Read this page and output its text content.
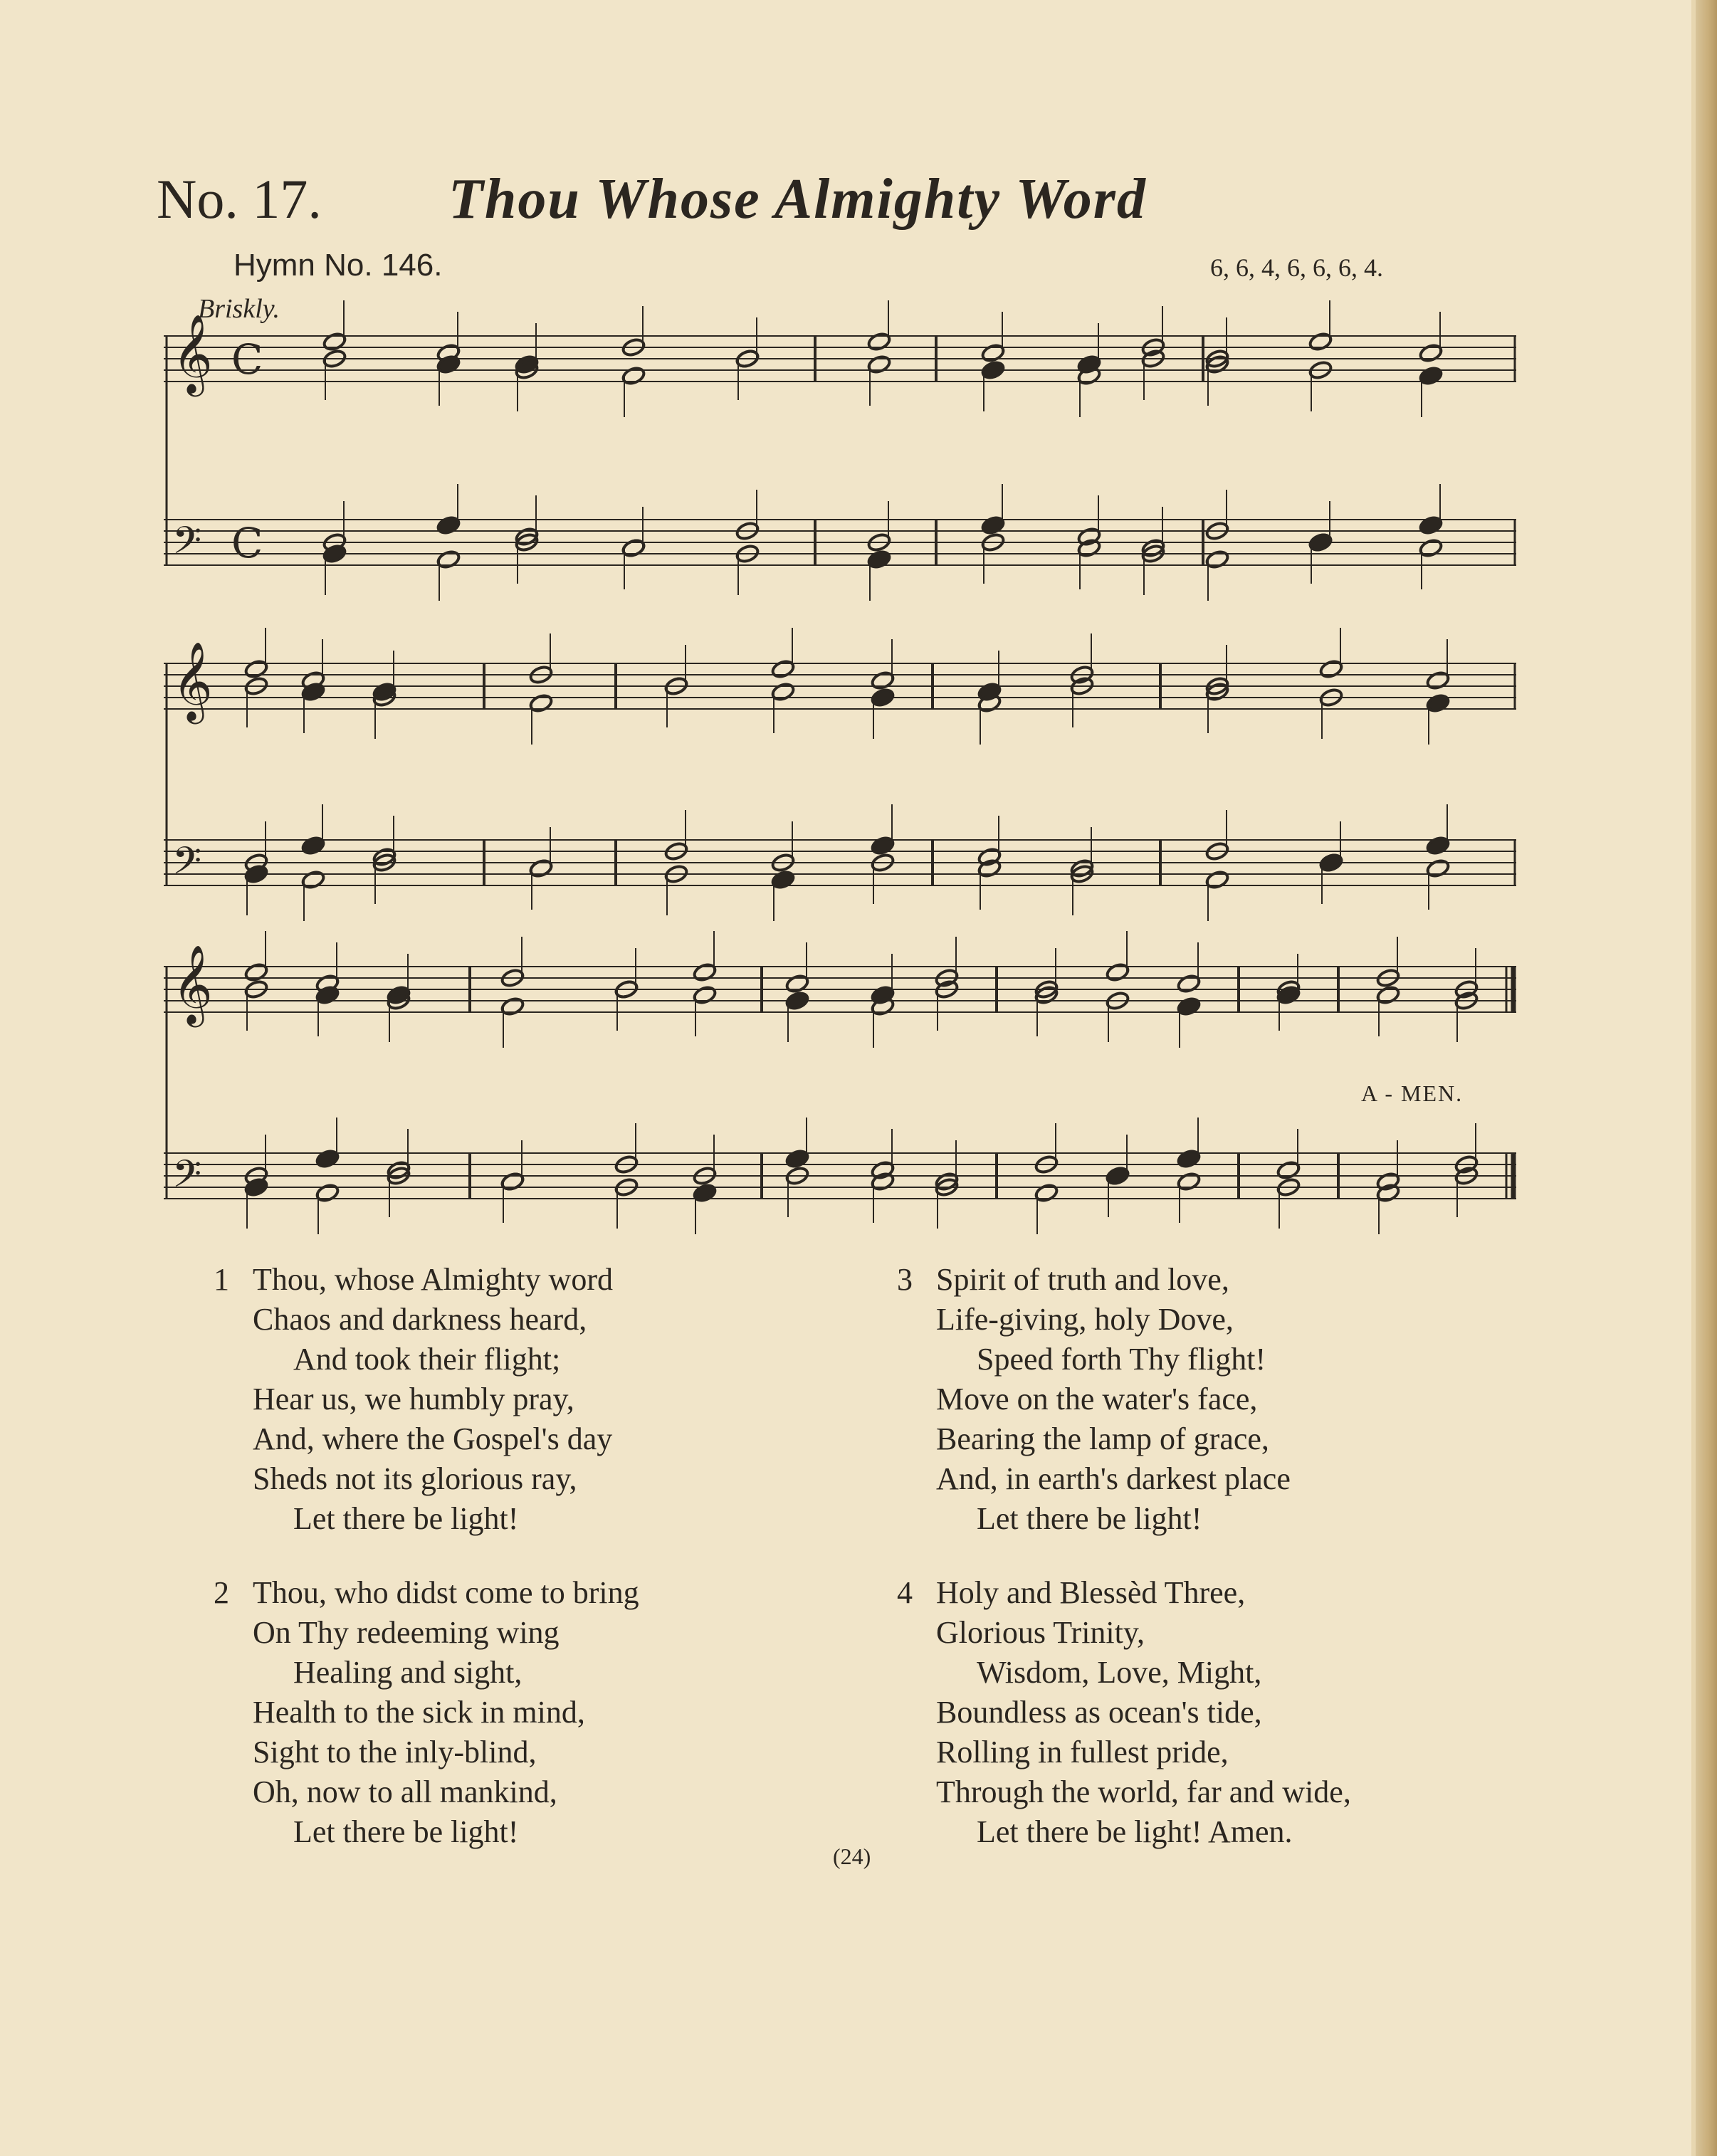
No. 17. Thou Whose Almighty Word
Hymn No. 146.	6, 6, 4, 6, 6, 6, 4.
Briskly.
𝄞 C
𝄢 C
𝄞
𝄢
𝄞
𝄢
A - MEN.
1 Thou, whose Almighty word
Chaos and darkness heard,
And took their flight;
Hear us, we humbly pray,
And, where the Gospel's day
Sheds not its glorious ray,
Let there be light!
2 Thou, who didst come to bring
On Thy redeeming wing
Healing and sight,
Health to the sick in mind,
Sight to the inly-blind,
Oh, now to all mankind,
Let there be light!
3 Spirit of truth and love,
Life-giving, holy Dove,
Speed forth Thy flight!
Move on the water's face,
Bearing the lamp of grace,
And, in earth's darkest place
Let there be light!
4 Holy and Blessèd Three,
Glorious Trinity,
Wisdom, Love, Might,
Boundless as ocean's tide,
Rolling in fullest pride,
Through the world, far and wide,
Let there be light! Amen.
(24)
